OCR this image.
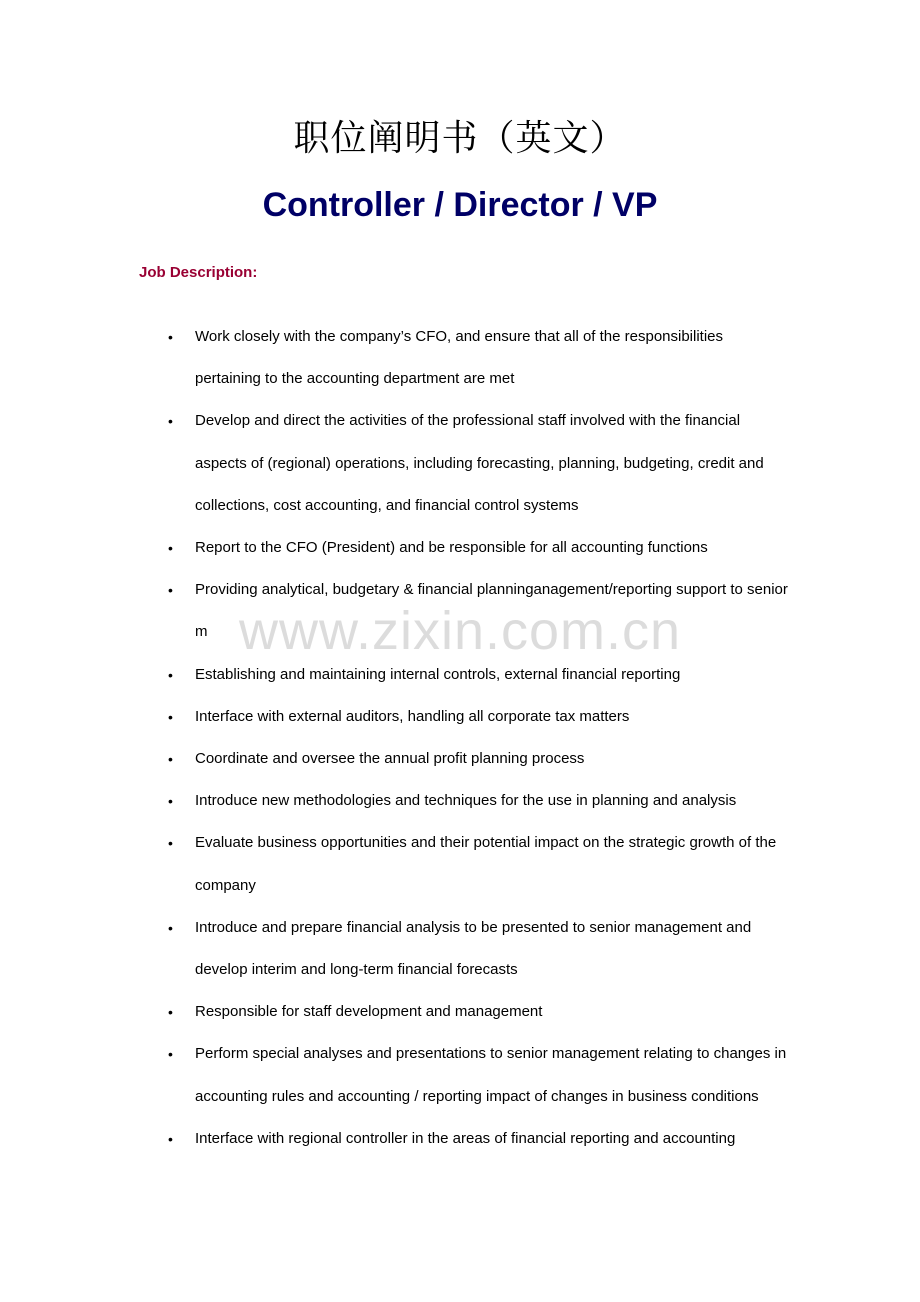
职位阐明书（英文）
Controller / Director / VP
Job Description:
• Work closely with the company’s CFO, and ensure that all of the responsibilities pertaining to the accounting department are met
• Develop and direct the activities of the professional staff involved with the financial aspects of (regional) operations, including forecasting, planning, budgeting, credit and collections, cost accounting, and financial control systems
• Report to the CFO (President) and be responsible for all accounting functions
• Providing analytical, budgetary & financial planninganagement/reporting support to senior m
• Establishing and maintaining internal controls, external financial reporting
• Interface with external auditors, handling all corporate tax matters
• Coordinate and oversee the annual profit planning process
• Introduce new methodologies and techniques for the use in planning and analysis
• Evaluate business opportunities and their potential impact on the strategic growth of the company
• Introduce and prepare financial analysis to be presented to senior management and develop interim and long-term financial forecasts
• Responsible for staff development and management
• Perform special analyses and presentations to senior management relating to changes in accounting rules and accounting / reporting impact of changes in business conditions
• Interface with regional controller in the areas of financial reporting and accounting
www.zixin.com.cn
